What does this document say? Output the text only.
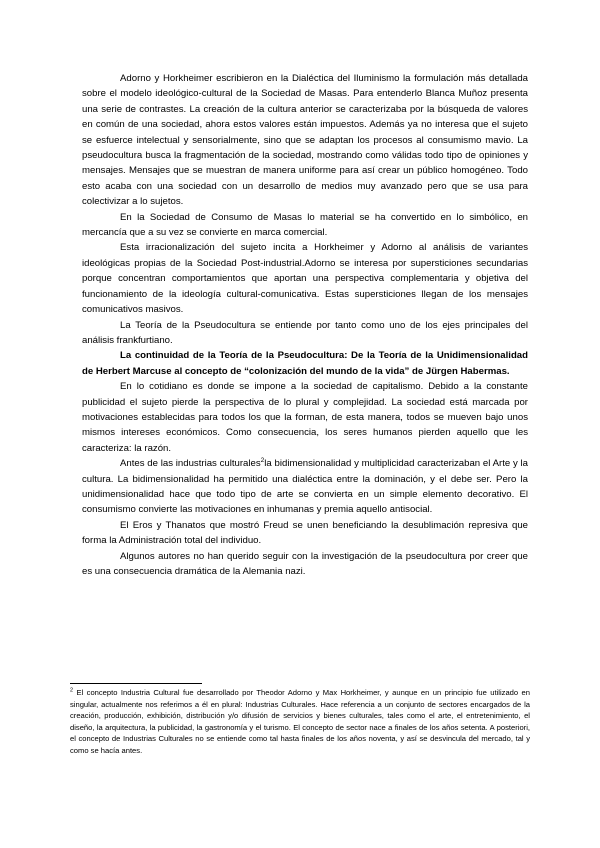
Adorno y Horkheimer escribieron en la Dialéctica del Iluminismo la formulación más detallada sobre el modelo ideológico-cultural de la Sociedad de Masas. Para entenderlo Blanca Muñoz presenta una serie de contrastes. La creación de la cultura anterior se caracterizaba por la búsqueda de valores en común de una sociedad, ahora estos valores están impuestos. Además ya no interesa que el sujeto se esfuerce intelectual y sensorialmente, sino que se adaptan los procesos al consumismo mavio. La pseudocultura busca la fragmentación de la sociedad, mostrando como válidas todo tipo de opiniones y mensajes. Mensajes que se muestran de manera uniforme para así crear un público homogéneo. Todo esto acaba con una sociedad con un desarrollo de medios muy avanzado pero que se usa para colectivizar a lo sujetos.

En la Sociedad de Consumo de Masas lo material se ha convertido en lo simbólico, en mercancía que a su vez se convierte en marca comercial.

Esta irracionalización del sujeto incita a Horkheimer y Adorno al análisis de variantes ideológicas propias de la Sociedad Post-industrial.Adorno se interesa por supersticiones secundarias porque concentran comportamientos que aportan una perspectiva complementaria y objetiva del funcionamiento de la ideología cultural-comunicativa. Estas supersticiones llegan de los mensajes comunicativos masivos.

La Teoría de la Pseudocultura se entiende por tanto como uno de los ejes principales del análisis frankfurtiano.

La continuidad de la Teoría de la Pseudocultura: De la Teoría de la Unidimensionalidad de Herbert Marcuse al concepto de “colonización del mundo de la vida” de Jürgen Habermas.

En lo cotidiano es donde se impone a la sociedad de capitalismo. Debido a la constante publicidad el sujeto pierde la perspectiva de lo plural y complejidad. La sociedad está marcada por motivaciones establecidas para todos los que la forman, de esta manera, todos se mueven bajo unos mismos intereses económicos. Como consecuencia, los seres humanos pierden aquello que les caracteriza: la razón.

Antes de las industrias culturales$^2$la bidimensionalidad y multiplicidad caracterizaban el Arte y la cultura. La bidimensionalidad ha permitido una dialéctica entre la dominación, y el debe ser. Pero la unidimensionalidad hace que todo tipo de arte se convierta en un simple elemento decorativo. El consumismo convierte las motivaciones en inhumanas y premia aquello antisocial.

El Eros y Thanatos que mostró Freud se unen beneficiando la desublimación represiva que forma la Administración total del individuo.

Algunos autores no han querido seguir con la investigación de la pseudocultura por creer que es una consecuencia dramática de la Alemania nazi.

$^2$ El concepto Industria Cultural fue desarrollado por Theodor Adorno y Max Horkheimer, y aunque en un principio fue utilizado en singular, actualmente nos referimos a él en plural: Industrias Culturales. Hace referencia a un conjunto de sectores encargados de la creación, producción, exhibición, distribución y/o difusión de servicios y bienes culturales, tales como el arte, el entretenimiento, el diseño, la arquitectura, la publicidad, la gastronomía y el turismo. El concepto de sector nace a finales de los años setenta. A posteriori, el concepto de Industrias Culturales no se entiende como tal hasta finales de los años noventa, y así se desvincula del mercado, tal y como se hacía antes.
